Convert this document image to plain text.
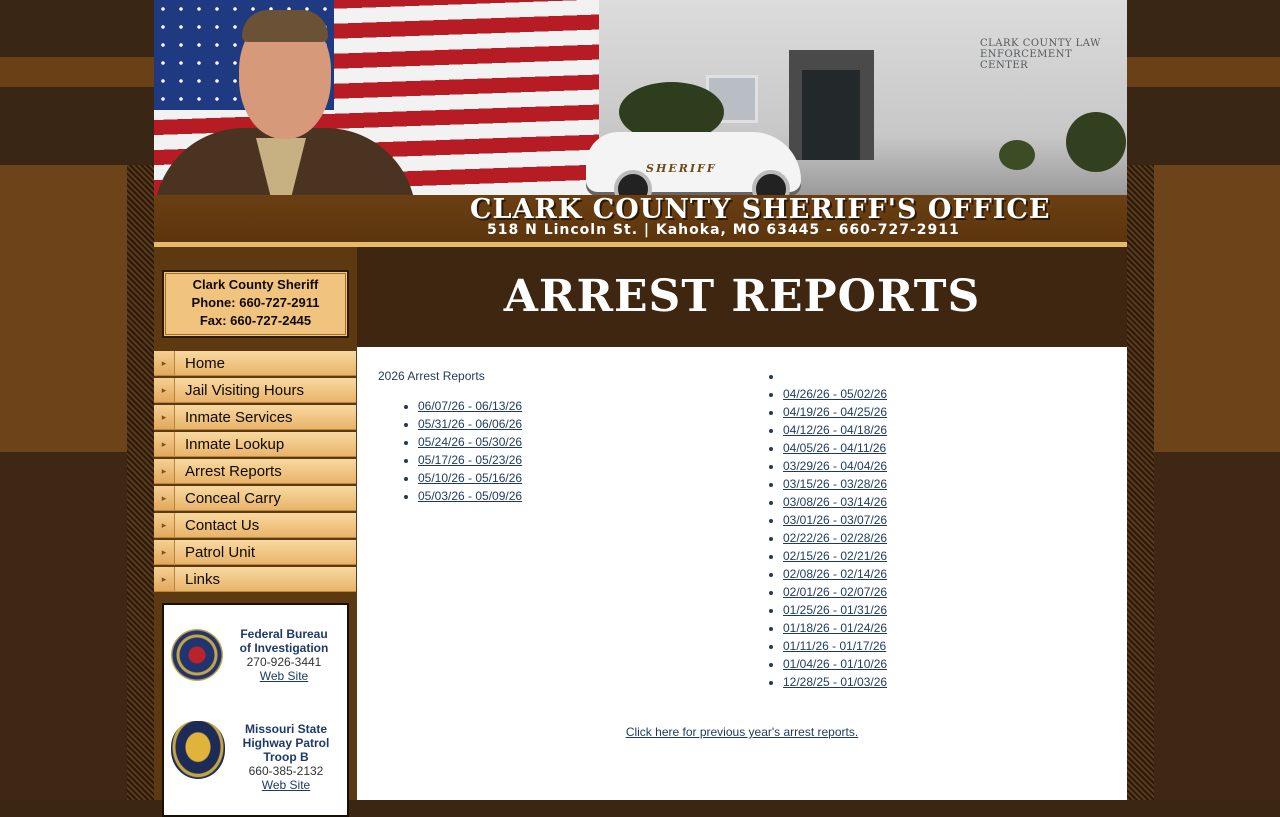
CLARK COUNTY LAW ENFORCEMENT CENTER
SHERIFF
CLARK COUNTY SHERIFF'S OFFICE
518 N Lincoln St. | Kahoka, MO 63445 - 660-727-2911
Clark County Sheriff
Phone: 660-727-2911
Fax: 660-727-2445
▸	Home
▸	Jail Visiting Hours
▸	Inmate Services
▸	Inmate Lookup
▸	Arrest Reports
▸	Conceal Carry
▸	Contact Us
▸	Patrol Unit
▸	Links
Federal Bureau
of Investigation
270-926-3441
Web Site
Missouri State
Highway Patrol
Troop B
660-385-2132
Web Site
ARREST REPORTS
2026 Arrest Reports
• 06/07/26 - 06/13/26
• 05/31/26 - 06/06/26
• 05/24/26 - 05/30/26
• 05/17/26 - 05/23/26
• 05/10/26 - 05/16/26
• 05/03/26 - 05/09/26
•
• 04/26/26 - 05/02/26
• 04/19/26 - 04/25/26
• 04/12/26 - 04/18/26
• 04/05/26 - 04/11/26
• 03/29/26 - 04/04/26
• 03/15/26 - 03/28/26
• 03/08/26 - 03/14/26
• 03/01/26 - 03/07/26
• 02/22/26 - 02/28/26
• 02/15/26 - 02/21/26
• 02/08/26 - 02/14/26
• 02/01/26 - 02/07/26
• 01/25/26 - 01/31/26
• 01/18/26 - 01/24/26
• 01/11/26 - 01/17/26
• 01/04/26 - 01/10/26
• 12/28/25 - 01/03/26
Click here for previous year's arrest reports.
